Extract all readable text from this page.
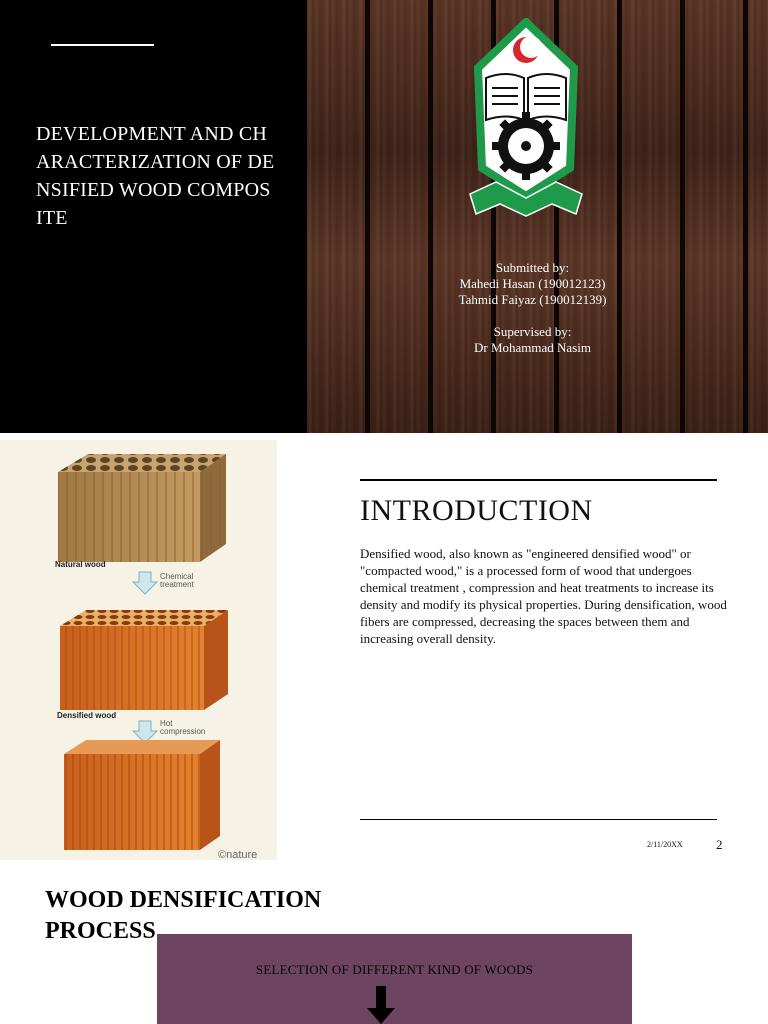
DEVELOPMENT AND CHARACTERIZATION OF DENSIFIED WOOD COMPOSITE
Submitted by:
Mahedi Hasan (190012123)
Tahmid Faiyaz (190012139)
Supervised by:
Dr Mohammad Nasim
Natural wood
Chemical
treatment
Densified wood
Hot
compression
©nature
INTRODUCTION
Densified wood, also known as "engineered densified wood" or "compacted wood," is a processed form of wood that undergoes chemical treatment , compression and heat treatments to increase its density and modify its physical properties. During densification, wood fibers are compressed, decreasing the spaces between them and increasing overall density.
2/11/20XX	2
WOOD DENSIFICATION PROCESS
SELECTION OF DIFFERENT KIND OF WOODS
